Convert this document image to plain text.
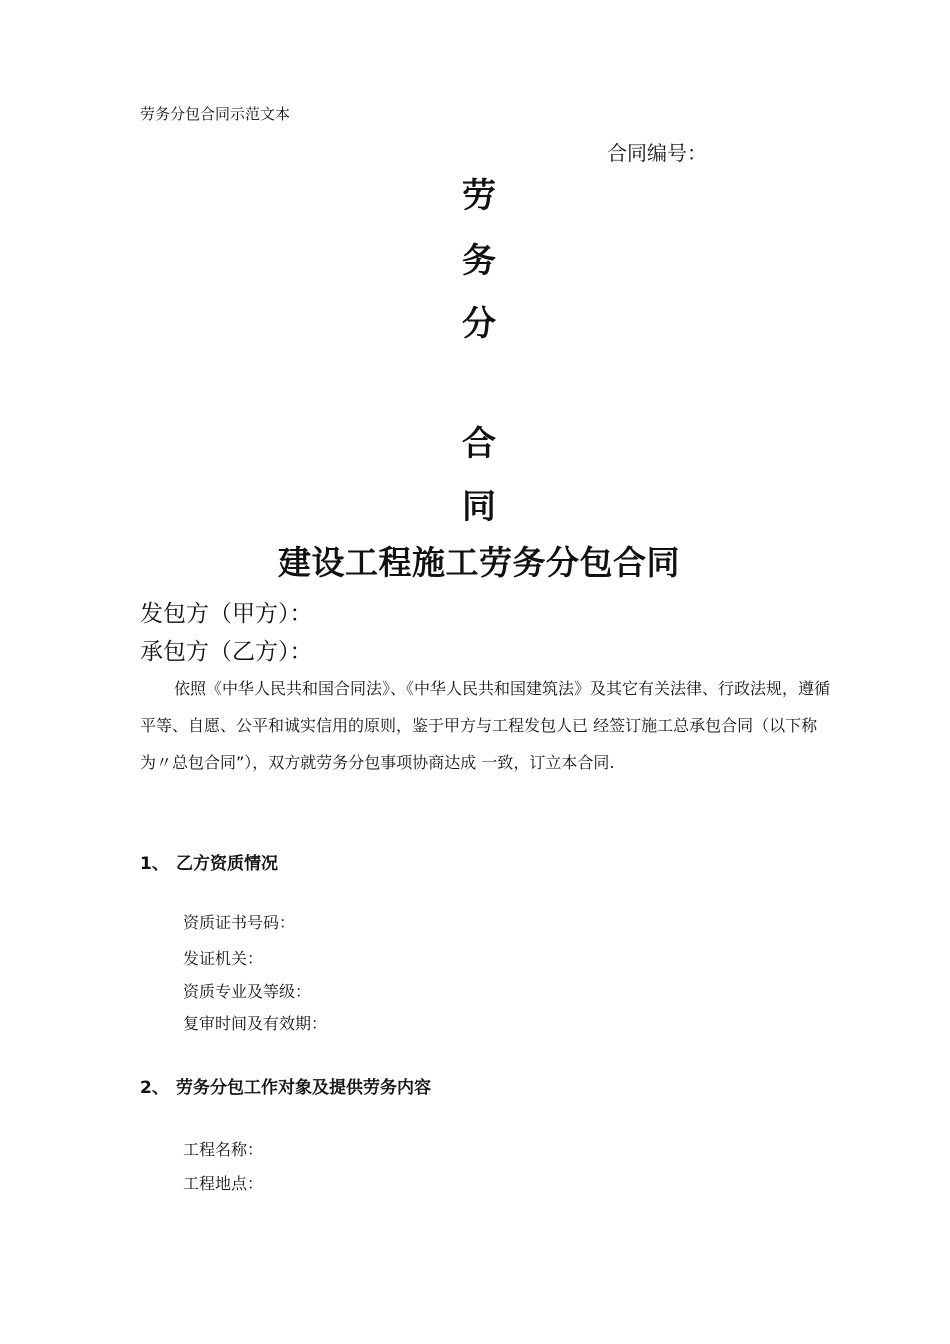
劳务分包合同示范文本
合同编号：
劳
务
分
合
同
建设工程施工劳务分包合同
发包方（甲方）：
承包方（乙方）：
依照《中华人民共和国合同法》、《中华人民共和国建筑法》及其它有关法律、行政法规，遵循平等、自愿、公平和诚实信用的原则，鉴于甲方与工程发包人已 经签订施工总承包合同（以下称为〃总包合同”），双方就劳务分包事项协商达成 一致，订立本合同.
1、 乙方资质情况
资质证书号码：
发证机关：
资质专业及等级：
复审时间及有效期：
2、 劳务分包工作对象及提供劳务内容
工程名称：
工程地点：
